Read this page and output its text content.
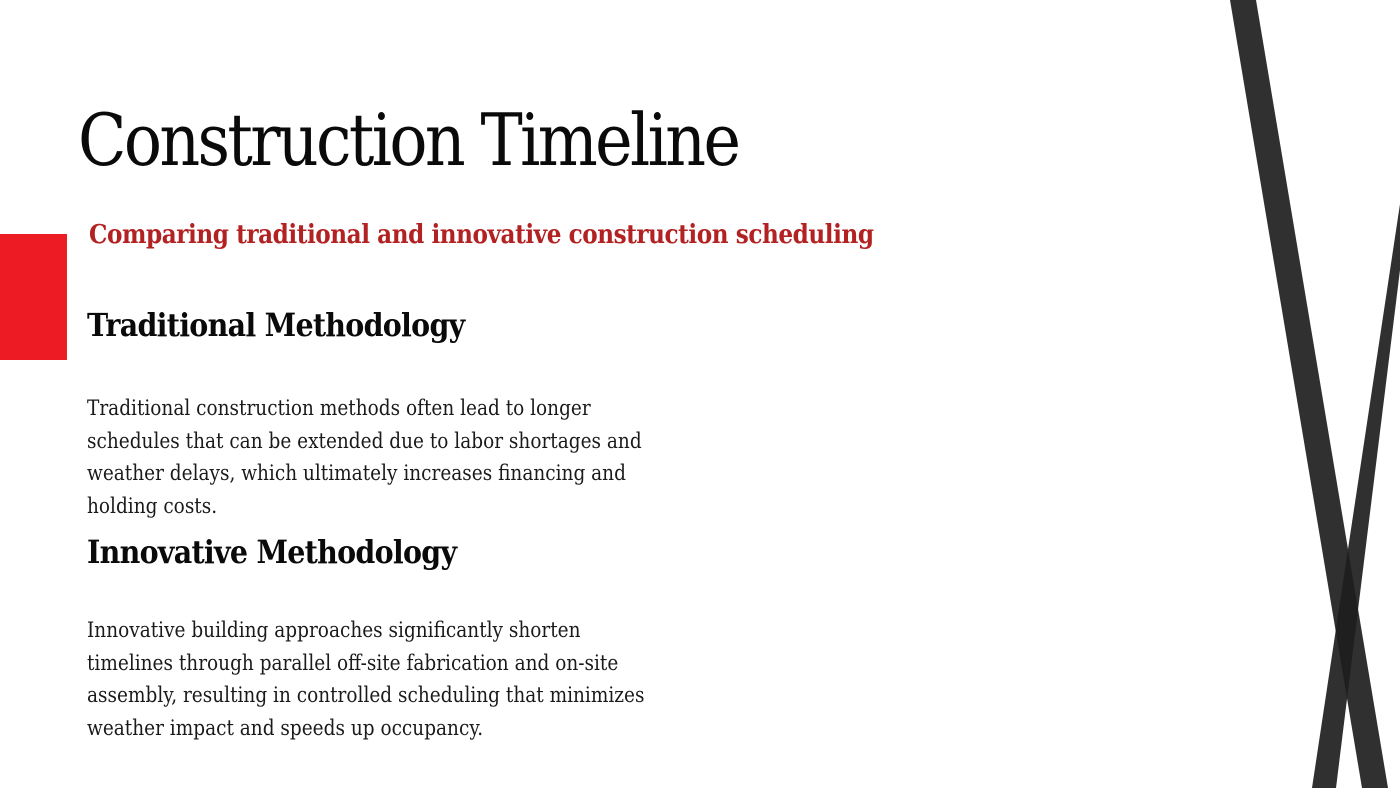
Construction Timeline
Comparing traditional and innovative construction scheduling
Traditional Methodology

Traditional construction methods often lead to longer schedules that can be extended due to labor shortages and weather delays, which ultimately increases financing and holding costs.

Innovative Methodology

Innovative building approaches significantly shorten timelines through parallel off-site fabrication and on-site assembly, resulting in controlled scheduling that minimizes weather impact and speeds up occupancy.
